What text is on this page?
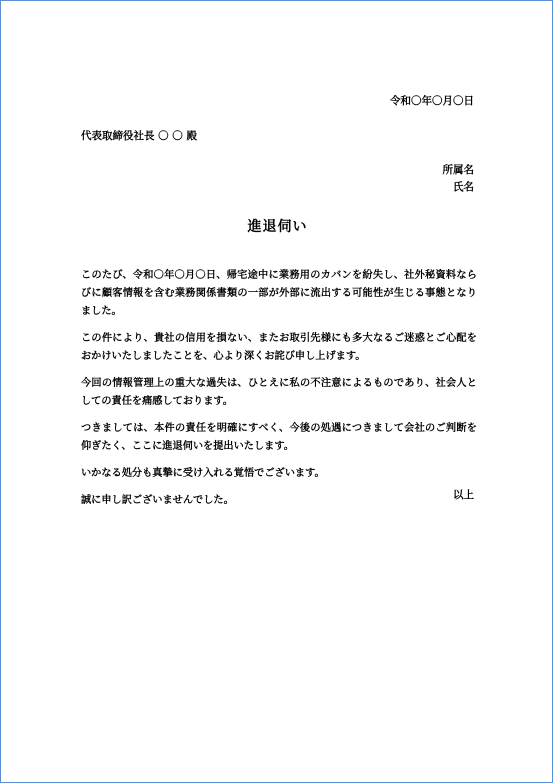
令和〇年〇月〇日
代表取締役社長 〇 〇 殿
所属名
氏名
進退伺い

このたび、令和〇年〇月〇日、帰宅途中に業務用のカバンを紛失し、社外秘資料ならびに顧客情報を含む業務関係書類の一部が外部に流出する可能性が生じる事態となりました。

この件により、貴社の信用を損ない、またお取引先様にも多大なるご迷惑とご心配をおかけいたしましたことを、心より深くお詫び申し上げます。

今回の情報管理上の重大な過失は、ひとえに私の不注意によるものであり、社会人としての責任を痛感しております。

つきましては、本件の責任を明確にすべく、今後の処遇につきまして会社のご判断を仰ぎたく、ここに進退伺いを提出いたします。

いかなる処分も真摯に受け入れる覚悟でございます。

誠に申し訳ございませんでした。	以上
